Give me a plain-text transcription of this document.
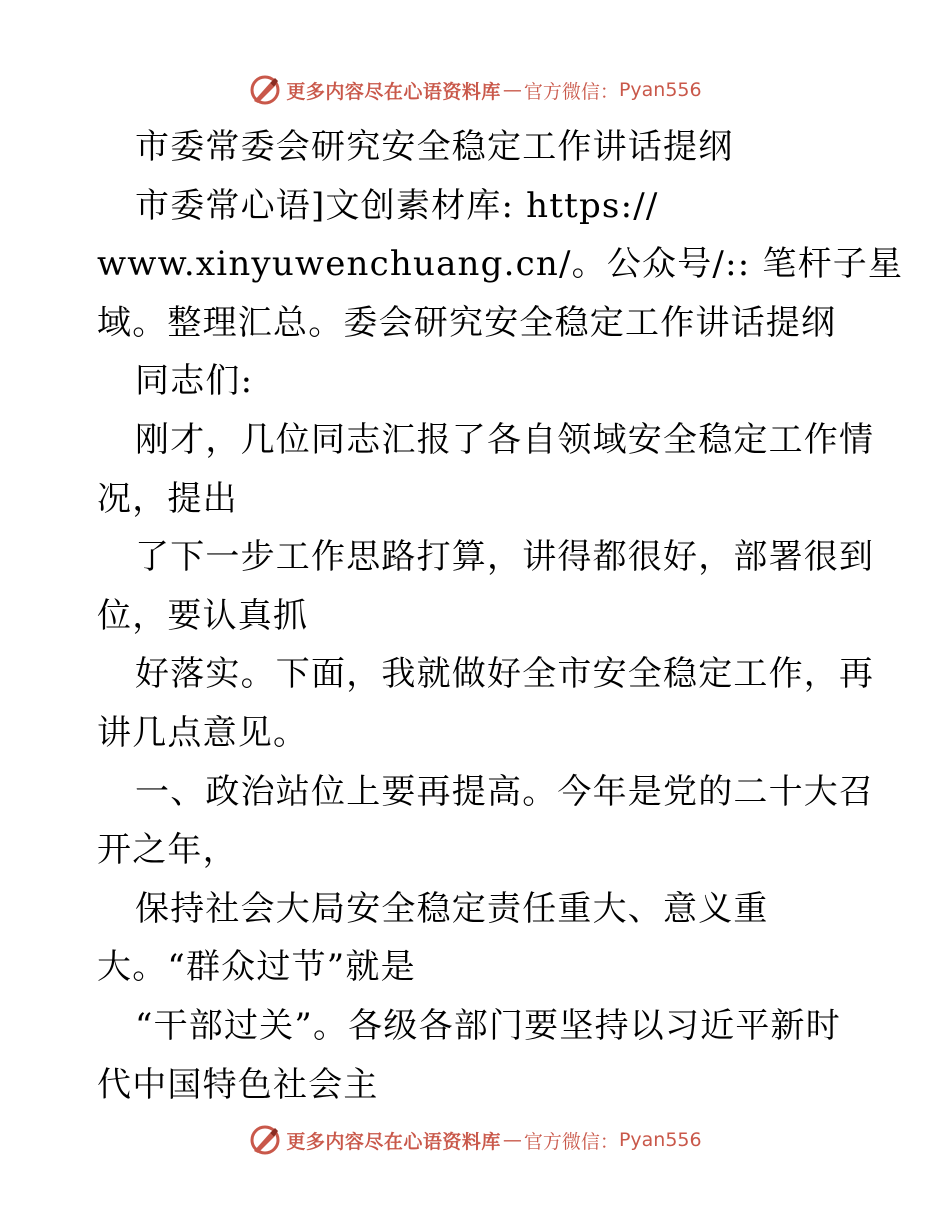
更多内容尽在心语资料库 — 官方微信： Pyan556
市委常委会研究安全稳定工作讲话提纲
市委常心语]文创素材库: https://
www.xinyuwenchuang.cn/。公众号/:: 笔杆子星
域。整理汇总。委会研究安全稳定工作讲话提纲
同志们:
刚才，几位同志汇报了各自领域安全稳定工作情
况，提出
了下一步工作思路打算，讲得都很好，部署很到
位，要认真抓
好落实。下面，我就做好全市安全稳定工作，再
讲几点意见。
一、政治站位上要再提高。今年是党的二十大召
开之年，
保持社会大局安全稳定责任重大、意义重
大。“群众过节”就是
“干部过关”。各级各部门要坚持以习近平新时
代中国特色社会主
更多内容尽在心语资料库 — 官方微信： Pyan556
